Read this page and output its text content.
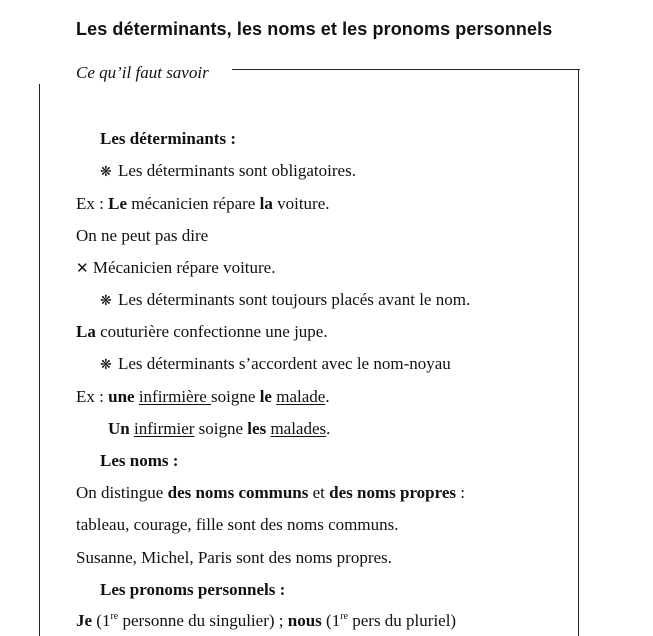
Les déterminants, les noms et les pronoms personnels
Ce qu’il faut savoir
Les déterminants :
❋ Les déterminants sont obligatoires.
Ex : Le mécanicien répare la voiture.
On ne peut pas dire
✕ Mécanicien répare voiture.
❋ Les déterminants sont toujours placés avant le nom.
La couturière confectionne une jupe.
❋ Les déterminants s’accordent avec le nom-noyau
Ex : une infirmière soigne le malade.
Un infirmier soigne les malades.
Les noms :
On distingue des noms communs et des noms propres :
tableau, courage, fille sont des noms communs.
Susanne, Michel, Paris sont des noms propres.
Les pronoms personnels :
Je (1re personne du singulier) ; nous (1re pers du pluriel)
